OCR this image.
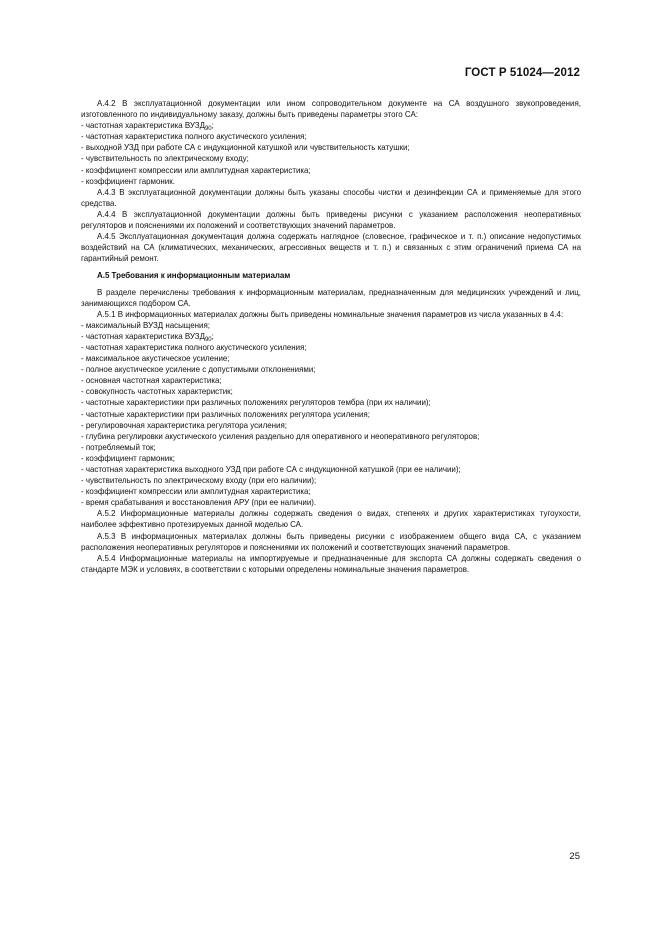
ГОСТ Р 51024—2012

А.4.2 В эксплуатационной документации или ином сопроводительном документе на СА воздушного звукопроведения, изготовленного по индивидуальному заказу, должны быть приведены параметры этого СА:

- частотная характеристика $ВУЗД_{90}$;
- частотная характеристика полного акустического усиления;
- выходной УЗД при работе СА с индукционной катушкой или чувствительность катушки;
- чувствительность по электрическому входу;
- коэффициент компрессии или амплитудная характеристика;
- коэффициент гармоник.

А.4.3 В эксплуатационной документации должны быть указаны способы чистки и дезинфекции СА и применяемые для этого средства.

А.4.4 В эксплуатационной документации должны быть приведены рисунки с указанием расположения неоперативных регуляторов и пояснениями их положений и соответствующих значений параметров.

А.4.5 Эксплуатационная документация должна содержать наглядное (словесное, графическое и т. п.) описание недопустимых воздействий на СА (климатических, механических, агрессивных веществ и т. п.) и связанных с этим ограничений приема СА на гарантийный ремонт.

А.5 Требования к информационным материалам

В разделе перечислены требования к информационным материалам, предназначенным для медицинских учреждений и лиц, занимающихся подбором СА.

А.5.1 В информационных материалах должны быть приведены номинальные значения параметров из числа указанных в 4.4:

- максимальный ВУЗД насыщения;
- частотная характеристика $ВУЗД_{90}$;
- частотная характеристика полного акустического усиления;
- максимальное акустическое усиление;
- полное акустическое усиление с допустимыми отклонениями;
- основная частотная характеристика;
- совокупность частотных характеристик;
- частотные характеристики при различных положениях регуляторов тембра (при их наличии);
- частотные характеристики при различных положениях регулятора усиления;
- регулировочная характеристика регулятора усиления;
- глубина регулировки акустического усиления раздельно для оперативного и неоперативного регуляторов;
- потребляемый ток;
- коэффициент гармоник;
- частотная характеристика выходного УЗД при работе СА с индукционной катушкой (при ее наличии);
- чувствительность по электрическому входу (при его наличии);
- коэффициент компрессии или амплитудная характеристика;
- время срабатывания и восстановления АРУ (при ее наличии).

А.5.2 Информационные материалы должны содержать сведения о видах, степенях и других характеристиках тугоухости, наиболее эффективно протезируемых данной моделью СА.

А.5.3 В информационных материалах должны быть приведены рисунки с изображением общего вида СА, с указанием расположения неоперативных регуляторов и пояснениями их положений и соответствующих значений параметров.

А.5.4 Информационные материалы на импортируемые и предназначенные для экспорта СА должны содержать сведения о стандарте МЭК и условиях, в соответствии с которыми определены номинальные значения параметров.

25
